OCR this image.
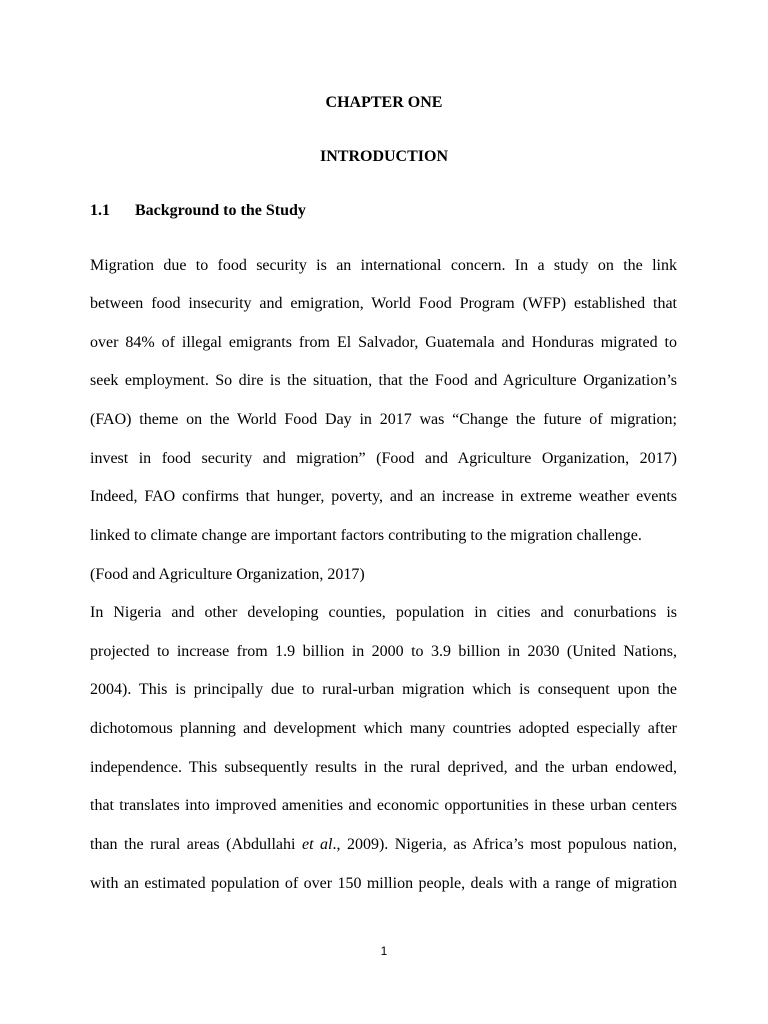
CHAPTER ONE
INTRODUCTION
1.1 Background to the Study
Migration due to food security is an international concern. In a study on the link
between food insecurity and emigration, World Food Program (WFP) established that
over 84% of illegal emigrants from El Salvador, Guatemala and Honduras migrated to
seek employment. So dire is the situation, that the Food and Agriculture Organization’s
(FAO) theme on the World Food Day in 2017 was “Change the future of migration;
invest in food security and migration” (Food and Agriculture Organization, 2017)
Indeed, FAO confirms that hunger, poverty, and an increase in extreme weather events
linked to climate change are important factors contributing to the migration challenge.
(Food and Agriculture Organization, 2017)
In Nigeria and other developing counties, population in cities and conurbations is
projected to increase from 1.9 billion in 2000 to 3.9 billion in 2030 (United Nations,
2004). This is principally due to rural-urban migration which is consequent upon the
dichotomous planning and development which many countries adopted especially after
independence. This subsequently results in the rural deprived, and the urban endowed,
that translates into improved amenities and economic opportunities in these urban centers
than the rural areas (Abdullahi et al., 2009). Nigeria, as Africa’s most populous nation,
with an estimated population of over 150 million people, deals with a range of migration
1
